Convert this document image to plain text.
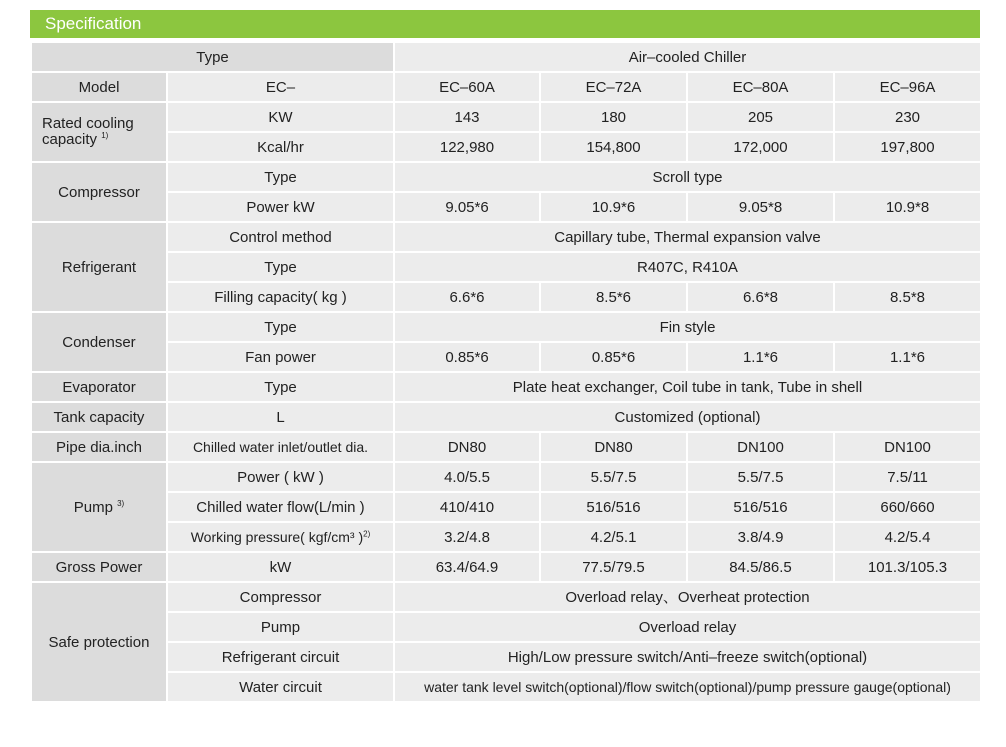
Specification
Type		Air–cooled Chiller			
Model	EC–	EC–60A	EC–72A	EC–80A	EC–96A
Rated cooling capacity $^{1)}$	KW	143	180	205	230
	Kcal/hr	122,980	154,800	172,000	197,800
Compressor	Type	Scroll type			
	Power kW	9.05*6	10.9*6	9.05*8	10.9*8
Refrigerant	Control method	Capillary tube, Thermal expansion valve			
	Type	R407C, R410A			
	Filling capacity( kg )	6.6*6	8.5*6	6.6*8	8.5*8
Condenser	Type	Fin style			
	Fan power	0.85*6	0.85*6	1.1*6	1.1*6
Evaporator	Type	Plate heat exchanger, Coil tube in tank, Tube in shell			
Tank capacity	L	Customized (optional)			
Pipe dia.inch	Chilled water inlet/outlet dia.	DN80	DN80	DN100	DN100
Pump $^{3)}$	Power ( kW )	4.0/5.5	5.5/7.5	5.5/7.5	7.5/11
	Chilled water flow(L/min )	410/410	516/516	516/516	660/660
	Working pressure( kgf/cm³ )$^{2)}$	3.2/4.8	4.2/5.1	3.8/4.9	4.2/5.4
Gross Power	kW	63.4/64.9	77.5/79.5	84.5/86.5	101.3/105.3
Safe protection	Compressor	Overload relay、Overheat protection			
	Pump	Overload relay			
	Refrigerant circuit	High/Low pressure switch/Anti–freeze switch(optional)			
	Water circuit	water tank level switch(optional)/flow switch(optional)/pump pressure gauge(optional)			
